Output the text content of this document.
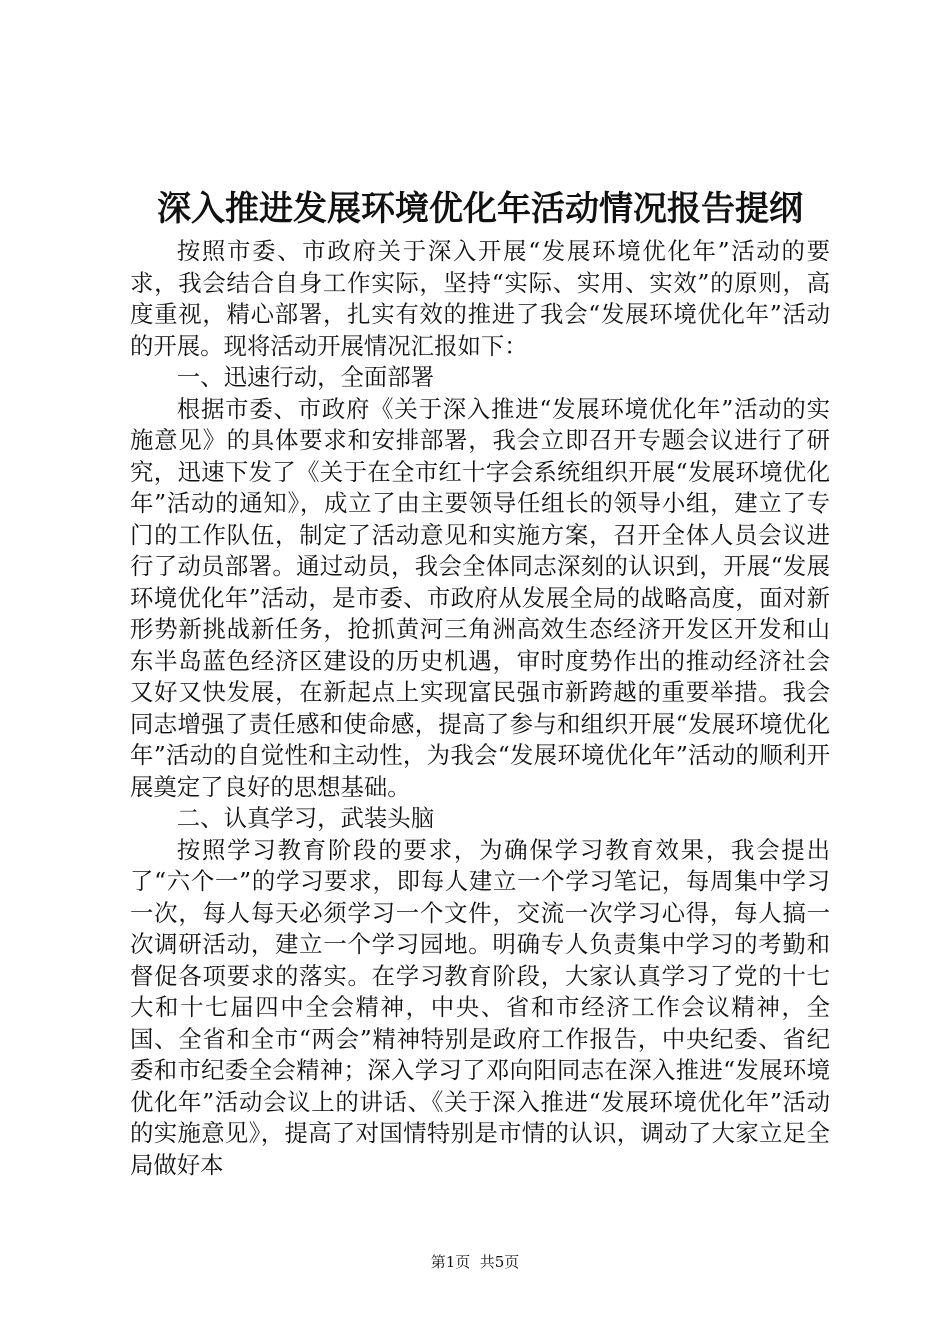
深入推进发展环境优化年活动情况报告提纲

按照市委、市政府关于深入开展“发展环境优化年”活动的要求，我会结合自身工作实际，坚持“实际、实用、实效”的原则，高度重视，精心部署，扎实有效的推进了我会“发展环境优化年”活动的开展。现将活动开展情况汇报如下：

一、迅速行动，全面部署

根据市委、市政府《关于深入推进“发展环境优化年”活动的实施意见》的具体要求和安排部署，我会立即召开专题会议进行了研究，迅速下发了《关于在全市红十字会系统组织开展“发展环境优化年”活动的通知》，成立了由主要领导任组长的领导小组，建立了专门的工作队伍，制定了活动意见和实施方案，召开全体人员会议进行了动员部署。通过动员，我会全体同志深刻的认识到，开展“发展环境优化年”活动，是市委、市政府从发展全局的战略高度，面对新形势新挑战新任务，抢抓黄河三角洲高效生态经济开发区开发和山东半岛蓝色经济区建设的历史机遇，审时度势作出的推动经济社会又好又快发展，在新起点上实现富民强市新跨越的重要举措。我会同志增强了责任感和使命感，提高了参与和组织开展“发展环境优化年”活动的自觉性和主动性，为我会“发展环境优化年”活动的顺利开展奠定了良好的思想基础。

二、认真学习，武装头脑

按照学习教育阶段的要求，为确保学习教育效果，我会提出了“六个一”的学习要求，即每人建立一个学习笔记，每周集中学习一次，每人每天必须学习一个文件，交流一次学习心得，每人搞一次调研活动，建立一个学习园地。明确专人负责集中学习的考勤和督促各项要求的落实。在学习教育阶段，大家认真学习了党的十七大和十七届四中全会精神，中央、省和市经济工作会议精神，全国、全省和全市“两会”精神特别是政府工作报告，中央纪委、省纪委和市纪委全会精神；深入学习了邓向阳同志在深入推进“发展环境优化年”活动会议上的讲话、《关于深入推进“发展环境优化年”活动的实施意见》，提高了对国情特别是市情的认识，调动了大家立足全局做好本

第1页  共5页
